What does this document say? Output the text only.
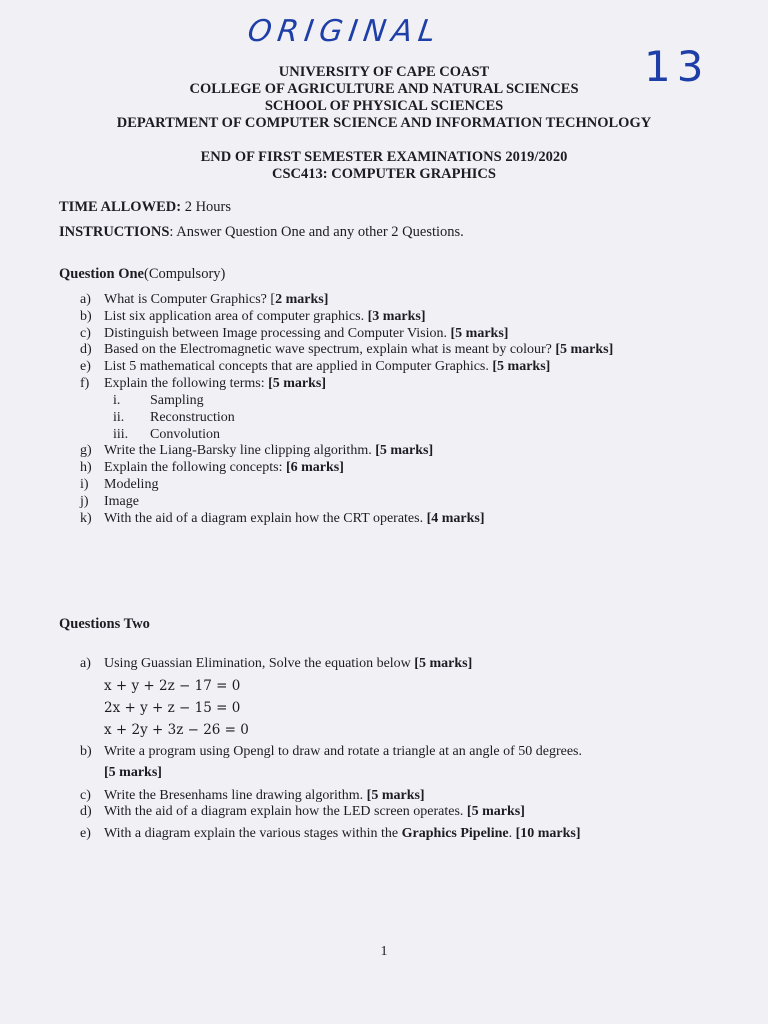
ORIGINAL
13
UNIVERSITY OF CAPE COAST
COLLEGE OF AGRICULTURE AND NATURAL SCIENCES
SCHOOL OF PHYSICAL SCIENCES
DEPARTMENT OF COMPUTER SCIENCE AND INFORMATION TECHNOLOGY
END OF FIRST SEMESTER EXAMINATIONS 2019/2020
CSC413: COMPUTER GRAPHICS
TIME ALLOWED: 2 Hours
INSTRUCTIONS: Answer Question One and any other 2 Questions.
Question One(Compulsory)
a) What is Computer Graphics? [2 marks]
b) List six application area of computer graphics. [3 marks]
c) Distinguish between Image processing and Computer Vision. [5 marks]
d) Based on the Electromagnetic wave spectrum, explain what is meant by colour? [5 marks]
e) List 5 mathematical concepts that are applied in Computer Graphics. [5 marks]
f) Explain the following terms: [5 marks]
i. Sampling
ii. Reconstruction
iii. Convolution
g) Write the Liang-Barsky line clipping algorithm. [5 marks]
h) Explain the following concepts: [6 marks]
i) Modeling
j) Image
k) With the aid of a diagram explain how the CRT operates. [4 marks]
Questions Two
a) Using Guassian Elimination, Solve the equation below [5 marks]
x + y + 2z − 17 = 0
2x + y + z − 15 = 0
x + 2y + 3z − 26 = 0
b) Write a program using Opengl to draw and rotate a triangle at an angle of 50 degrees.
[5 marks]
c) Write the Bresenhams line drawing algorithm. [5 marks]
d) With the aid of a diagram explain how the LED screen operates. [5 marks]
e) With a diagram explain the various stages within the Graphics Pipeline. [10 marks]
1
